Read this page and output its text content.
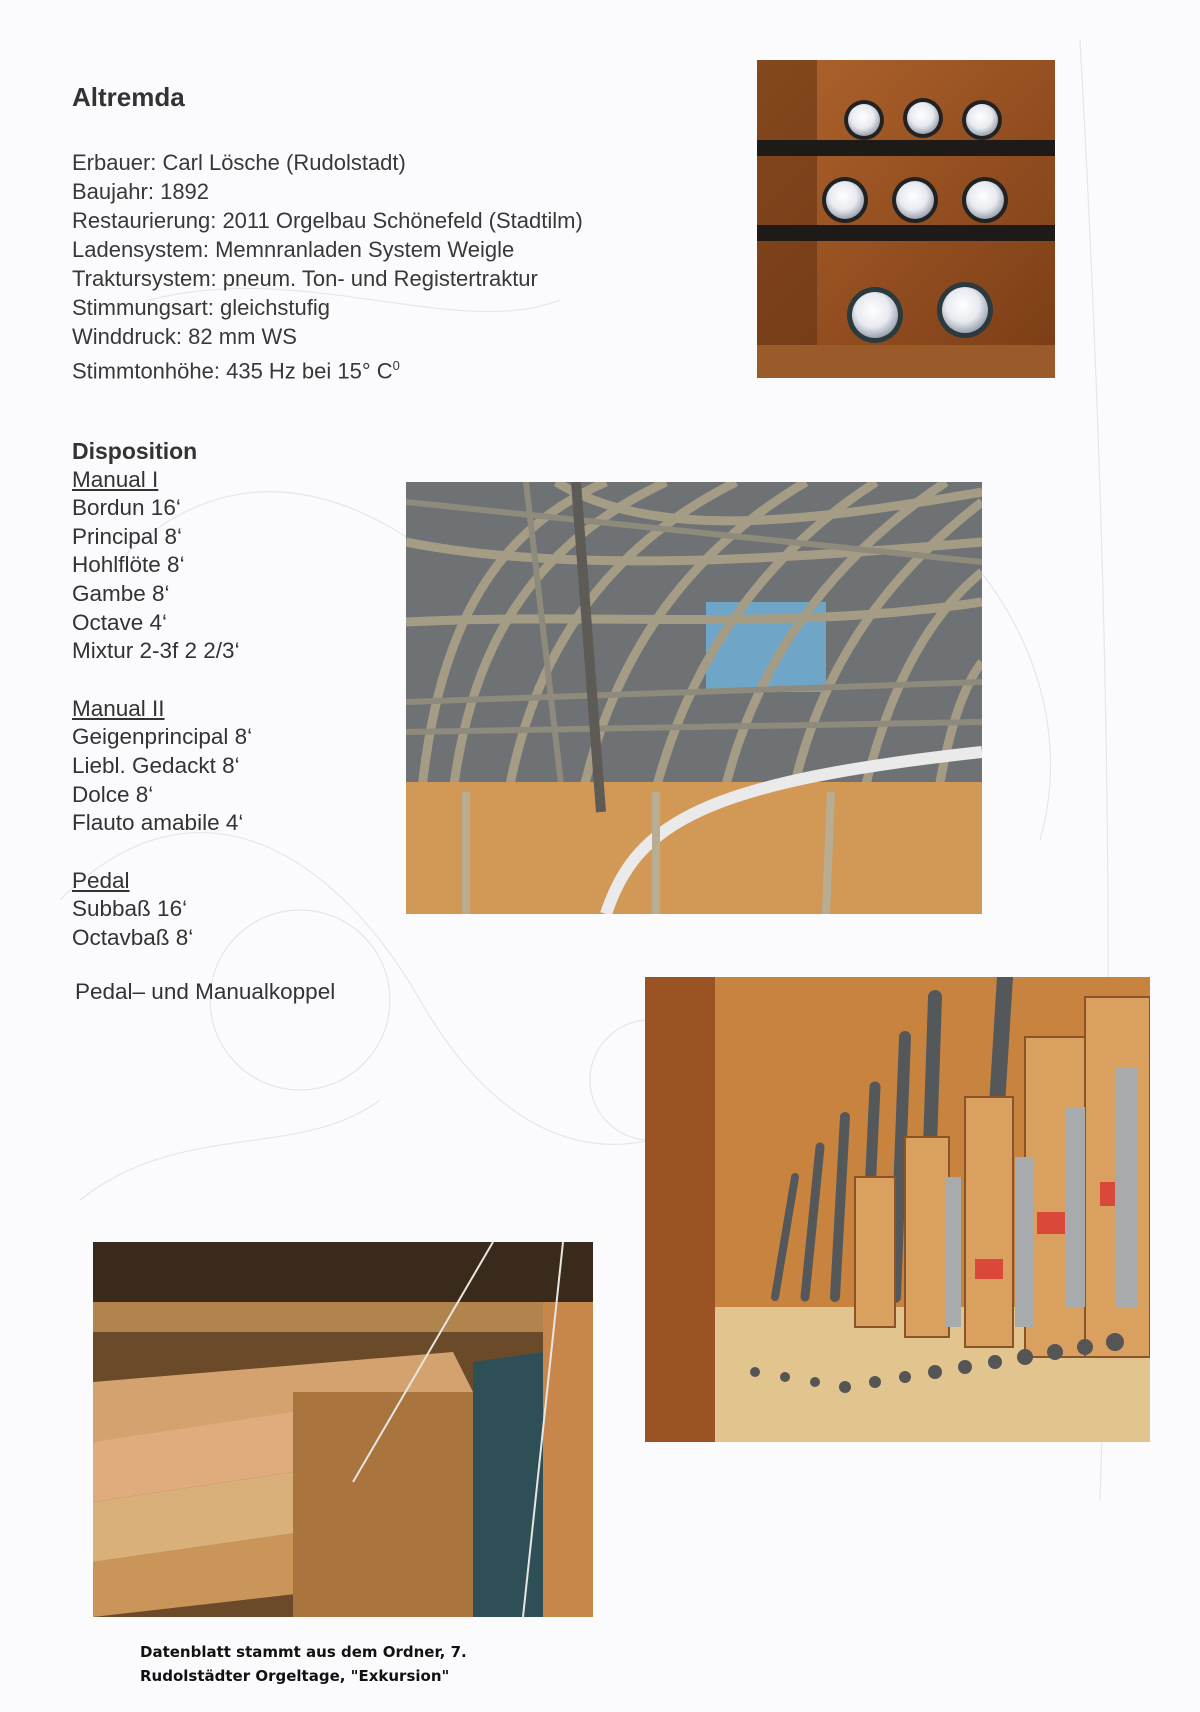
Altremda
Erbauer: Carl Lösche (Rudolstadt)
Baujahr: 1892
Restaurierung: 2011 Orgelbau Schönefeld (Stadtilm)
Ladensystem: Memnranladen System Weigle
Traktursystem: pneum. Ton- und Registertraktur
Stimmungsart: gleichstufig
Winddruck: 82 mm WS
Stimmtonhöhe: 435 Hz bei 15° $C^0$
Disposition
Manual I
Bordun 16‘
Principal 8‘
Hohlflöte 8‘
Gambe 8‘
Octave 4‘
Mixtur 2-3f 2 2/3‘
Manual II
Geigenprincipal 8‘
Liebl. Gedackt 8‘
Dolce 8‘
Flauto amabile 4‘
Pedal
Subbaß 16‘
Octavbaß 8‘
Pedal– und Manualkoppel
Datenblatt stammt aus dem Ordner, 7.
Rudolstädter Orgeltage, "Exkursion"
